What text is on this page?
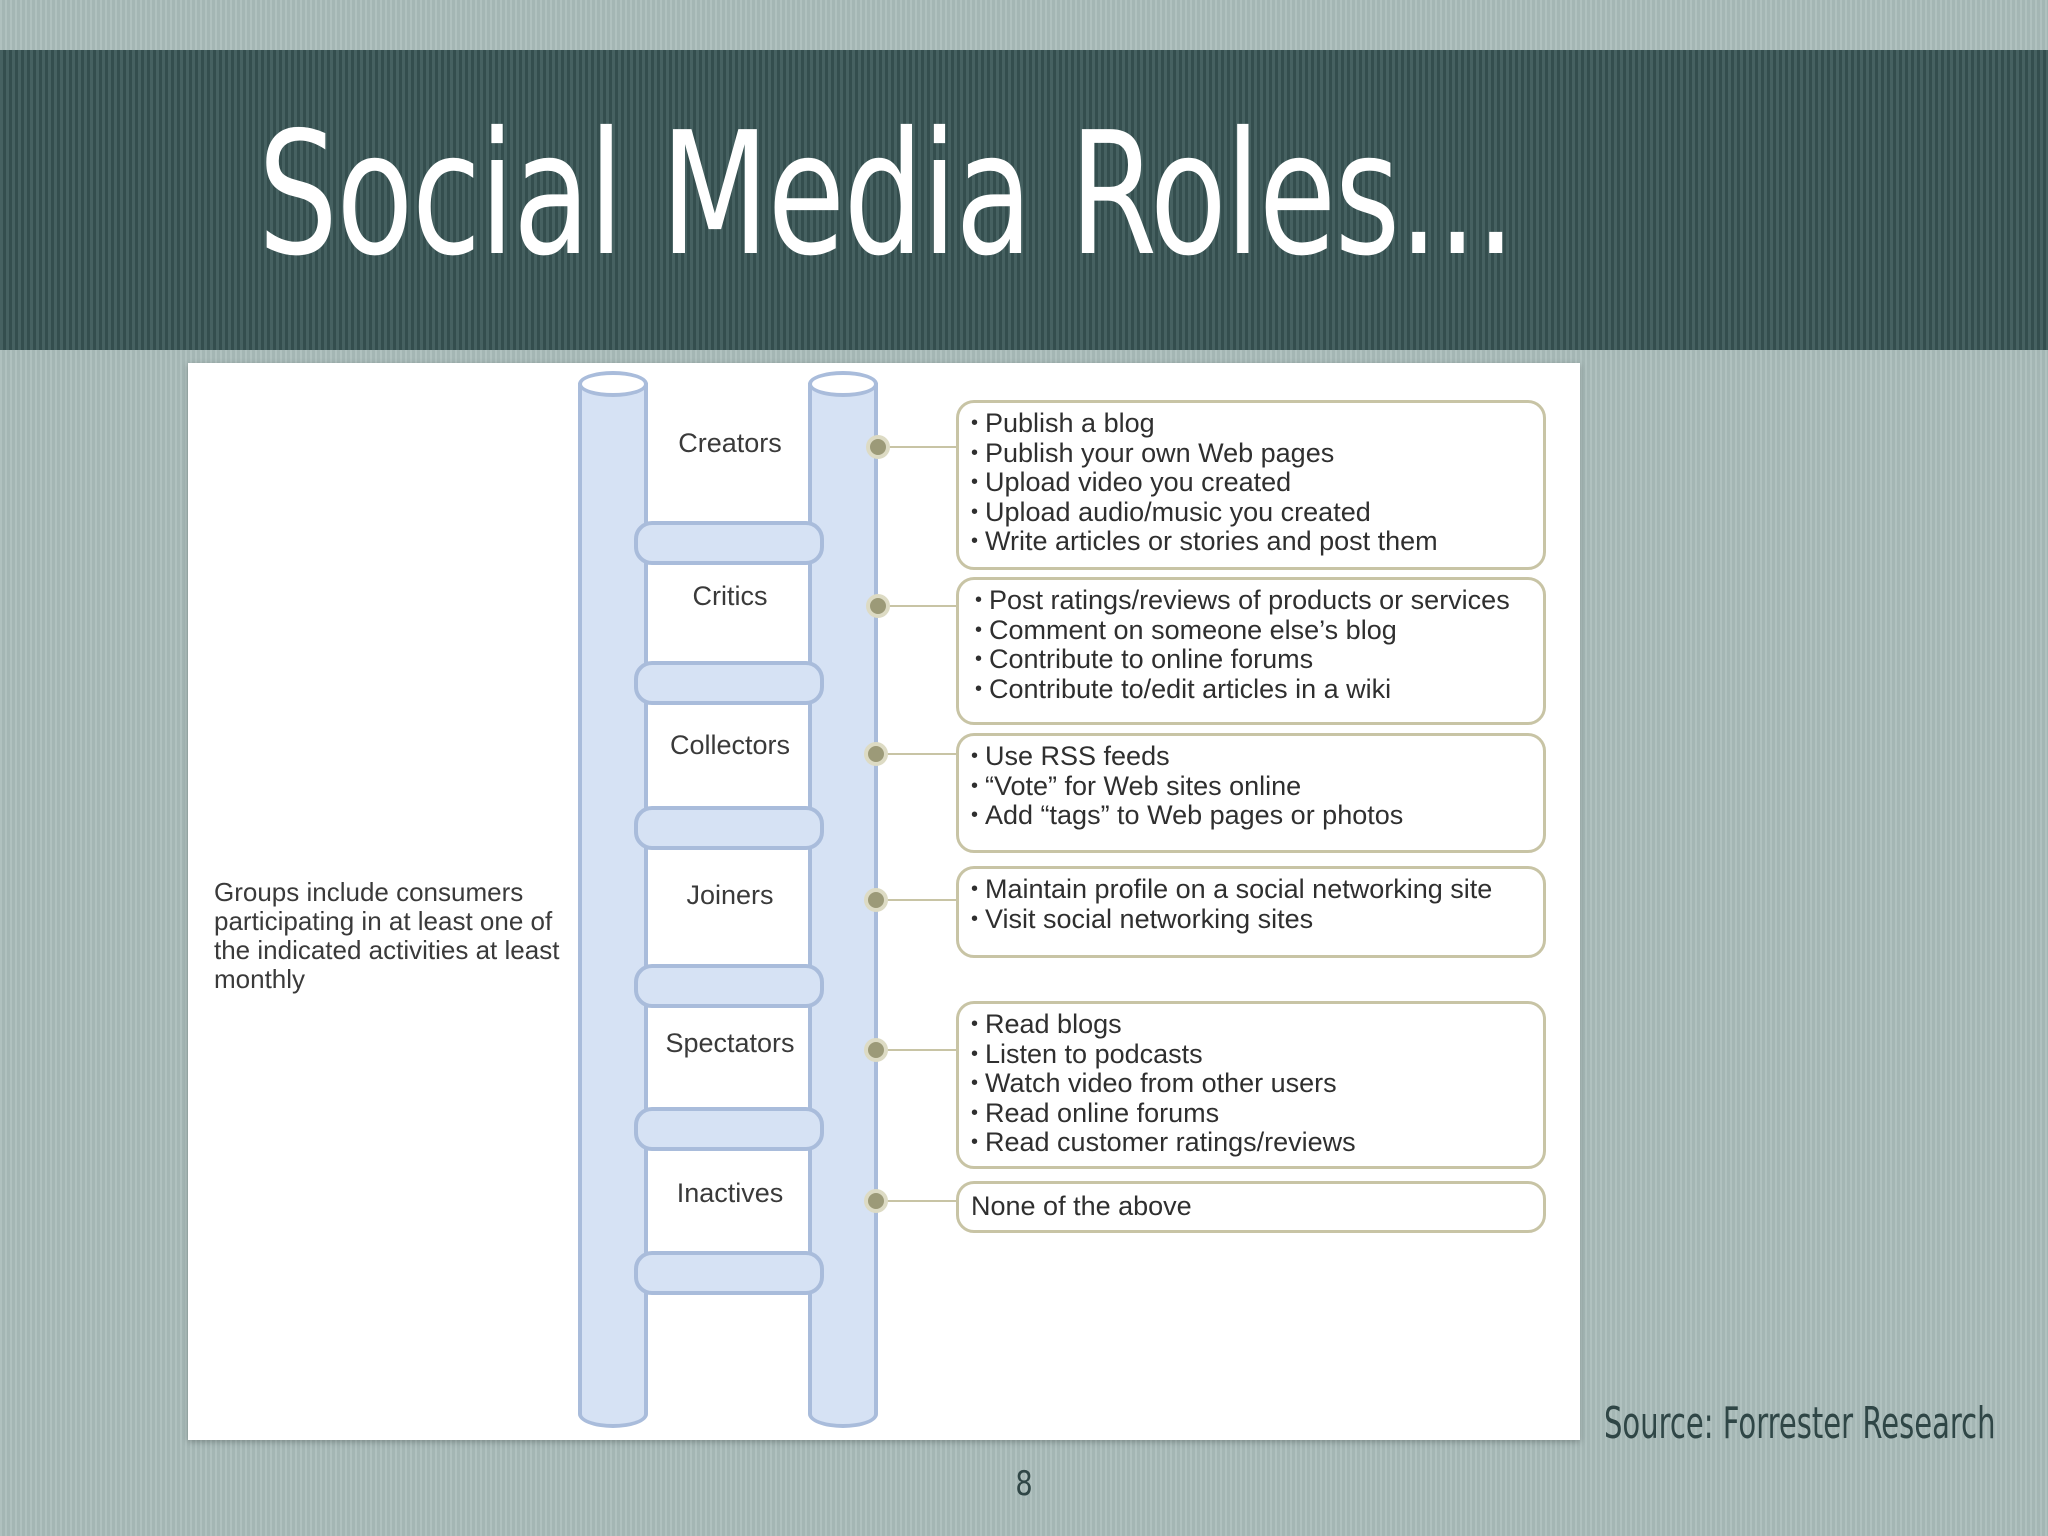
Social Media Roles...
Groups include consumers participating in at least one of the indicated activities at least monthly
Creators
Critics
Collectors
Joiners
Spectators
Inactives
• Publish a blog
• Publish your own Web pages
• Upload video you created
• Upload audio/music you created
• Write articles or stories and post them
• Post ratings/reviews of products or services
• Comment on someone else’s blog
• Contribute to online forums
• Contribute to/edit articles in a wiki
• Use RSS feeds
• “Vote” for Web sites online
• Add “tags” to Web pages or photos
• Maintain profile on a social networking site
• Visit social networking sites
• Read blogs
• Listen to podcasts
• Watch video from other users
• Read online forums
• Read customer ratings/reviews
None of the above
Source: Forrester Research
8
